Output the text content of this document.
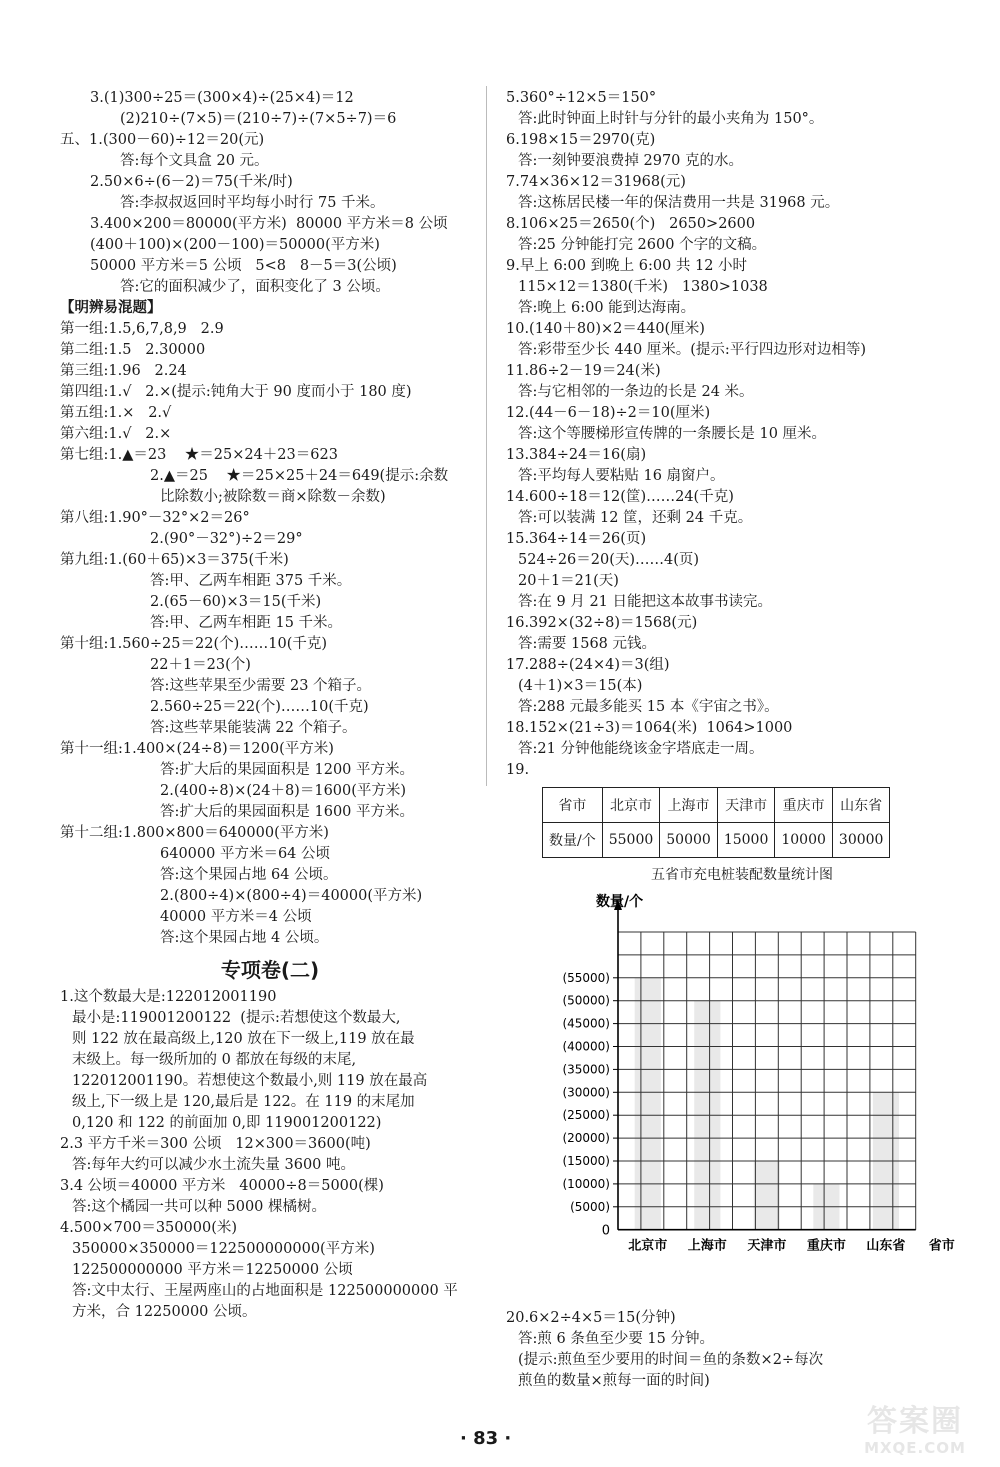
3.(1)300÷25＝(300×4)÷(25×4)＝12
(2)210÷(7×5)＝(210÷7)÷(7×5÷7)＝6
五、1.(300－60)÷12＝20(元)
答:每个文具盒 20 元。
2.50×6÷(6－2)＝75(千米/时)
答:李叔叔返回时平均每小时行 75 千米。
3.400×200＝80000(平方米)  80000 平方米＝8 公顷
(400＋100)×(200－100)＝50000(平方米)
50000 平方米＝5 公顷   5<8   8－5＝3(公顷)
答:它的面积减少了，面积变化了 3 公顷。
【明辨易混题】
第一组:1.5,6,7,8,9   2.9
第二组:1.5   2.30000
第三组:1.96   2.24
第四组:1.√   2.×(提示:钝角大于 90 度而小于 180 度)
第五组:1.×   2.√
第六组:1.√   2.×
第七组:1.▲＝23    ★＝25×24＋23＝623
2.▲＝25    ★＝25×25＋24＝649(提示:余数
比除数小;被除数＝商×除数－余数)
第八组:1.90°－32°×2＝26°
2.(90°－32°)÷2＝29°
第九组:1.(60＋65)×3＝375(千米)
答:甲、乙两车相距 375 千米。
2.(65－60)×3＝15(千米)
答:甲、乙两车相距 15 千米。
第十组:1.560÷25＝22(个)……10(千克)
22＋1＝23(个)
答:这些苹果至少需要 23 个箱子。
2.560÷25＝22(个)……10(千克)
答:这些苹果能装满 22 个箱子。
第十一组:1.400×(24÷8)＝1200(平方米)
答:扩大后的果园面积是 1200 平方米。
2.(400÷8)×(24＋8)＝1600(平方米)
答:扩大后的果园面积是 1600 平方米。
第十二组:1.800×800＝640000(平方米)
640000 平方米＝64 公顷
答:这个果园占地 64 公顷。
2.(800÷4)×(800÷4)＝40000(平方米)
40000 平方米＝4 公顷
答:这个果园占地 4 公顷。
专项卷(二)
1.这个数最大是:122012001190
最小是:119001200122  (提示:若想使这个数最大,
则 122 放在最高级上,120 放在下一级上,119 放在最
末级上。每一级所加的 0 都放在每级的末尾,
122012001190。若想使这个数最小,则 119 放在最高
级上,下一级上是 120,最后是 122。在 119 的末尾加
0,120 和 122 的前面加 0,即 119001200122)
2.3 平方千米＝300 公顷   12×300＝3600(吨)
答:每年大约可以减少水土流失量 3600 吨。
3.4 公顷＝40000 平方米   40000÷8＝5000(棵)
答:这个橘园一共可以种 5000 棵橘树。
4.500×700＝350000(米)
350000×350000＝122500000000(平方米)
122500000000 平方米＝12250000 公顷
答:文中太行、王屋两座山的占地面积是 122500000000 平
方米，合 12250000 公顷。
5.360°÷12×5＝150°
答:此时钟面上时针与分针的最小夹角为 150°。
6.198×15＝2970(克)
答:一刻钟要浪费掉 2970 克的水。
7.74×36×12＝31968(元)
答:这栋居民楼一年的保洁费用一共是 31968 元。
8.106×25＝2650(个)   2650>2600
答:25 分钟能打完 2600 个字的文稿。
9.早上 6:00 到晚上 6:00 共 12 小时
115×12＝1380(千米)   1380>1038
答:晚上 6:00 能到达海南。
10.(140＋80)×2＝440(厘米)
答:彩带至少长 440 厘米。(提示:平行四边形对边相等)
11.86÷2－19＝24(米)
答:与它相邻的一条边的长是 24 米。
12.(44－6－18)÷2＝10(厘米)
答:这个等腰梯形宣传牌的一条腰长是 10 厘米。
13.384÷24＝16(扇)
答:平均每人要粘贴 16 扇窗户。
14.600÷18＝12(筐)……24(千克)
答:可以装满 12 筐，还剩 24 千克。
15.364÷14＝26(页)
524÷26＝20(天)……4(页)
20＋1＝21(天)
答:在 9 月 21 日能把这本故事书读完。
16.392×(32÷8)＝1568(元)
答:需要 1568 元钱。
17.288÷(24×4)＝3(组)
(4＋1)×3＝15(本)
答:288 元最多能买 15 本《宇宙之书》。
18.152×(21÷3)＝1064(米)  1064>1000
答:21 分钟他能绕该金字塔底走一周。
19.
省市	北京市	上海市	天津市	重庆市	山东省
数量/个	55000	50000	15000	10000	30000
五省市充电桩装配数量统计图
数量/个
(55000)
(50000)
(45000)
(40000)
(35000)
(30000)
(25000)
(20000)
(15000)
(10000)
(5000)
0
北京市 上海市 天津市 重庆市 山东省 省市
20.6×2÷4×5＝15(分钟)
答:煎 6 条鱼至少要 15 分钟。
(提示:煎鱼至少要用的时间＝鱼的条数×2÷每次
煎鱼的数量×煎每一面的时间)
· 83 ·	答案圈
MXQE.COM
